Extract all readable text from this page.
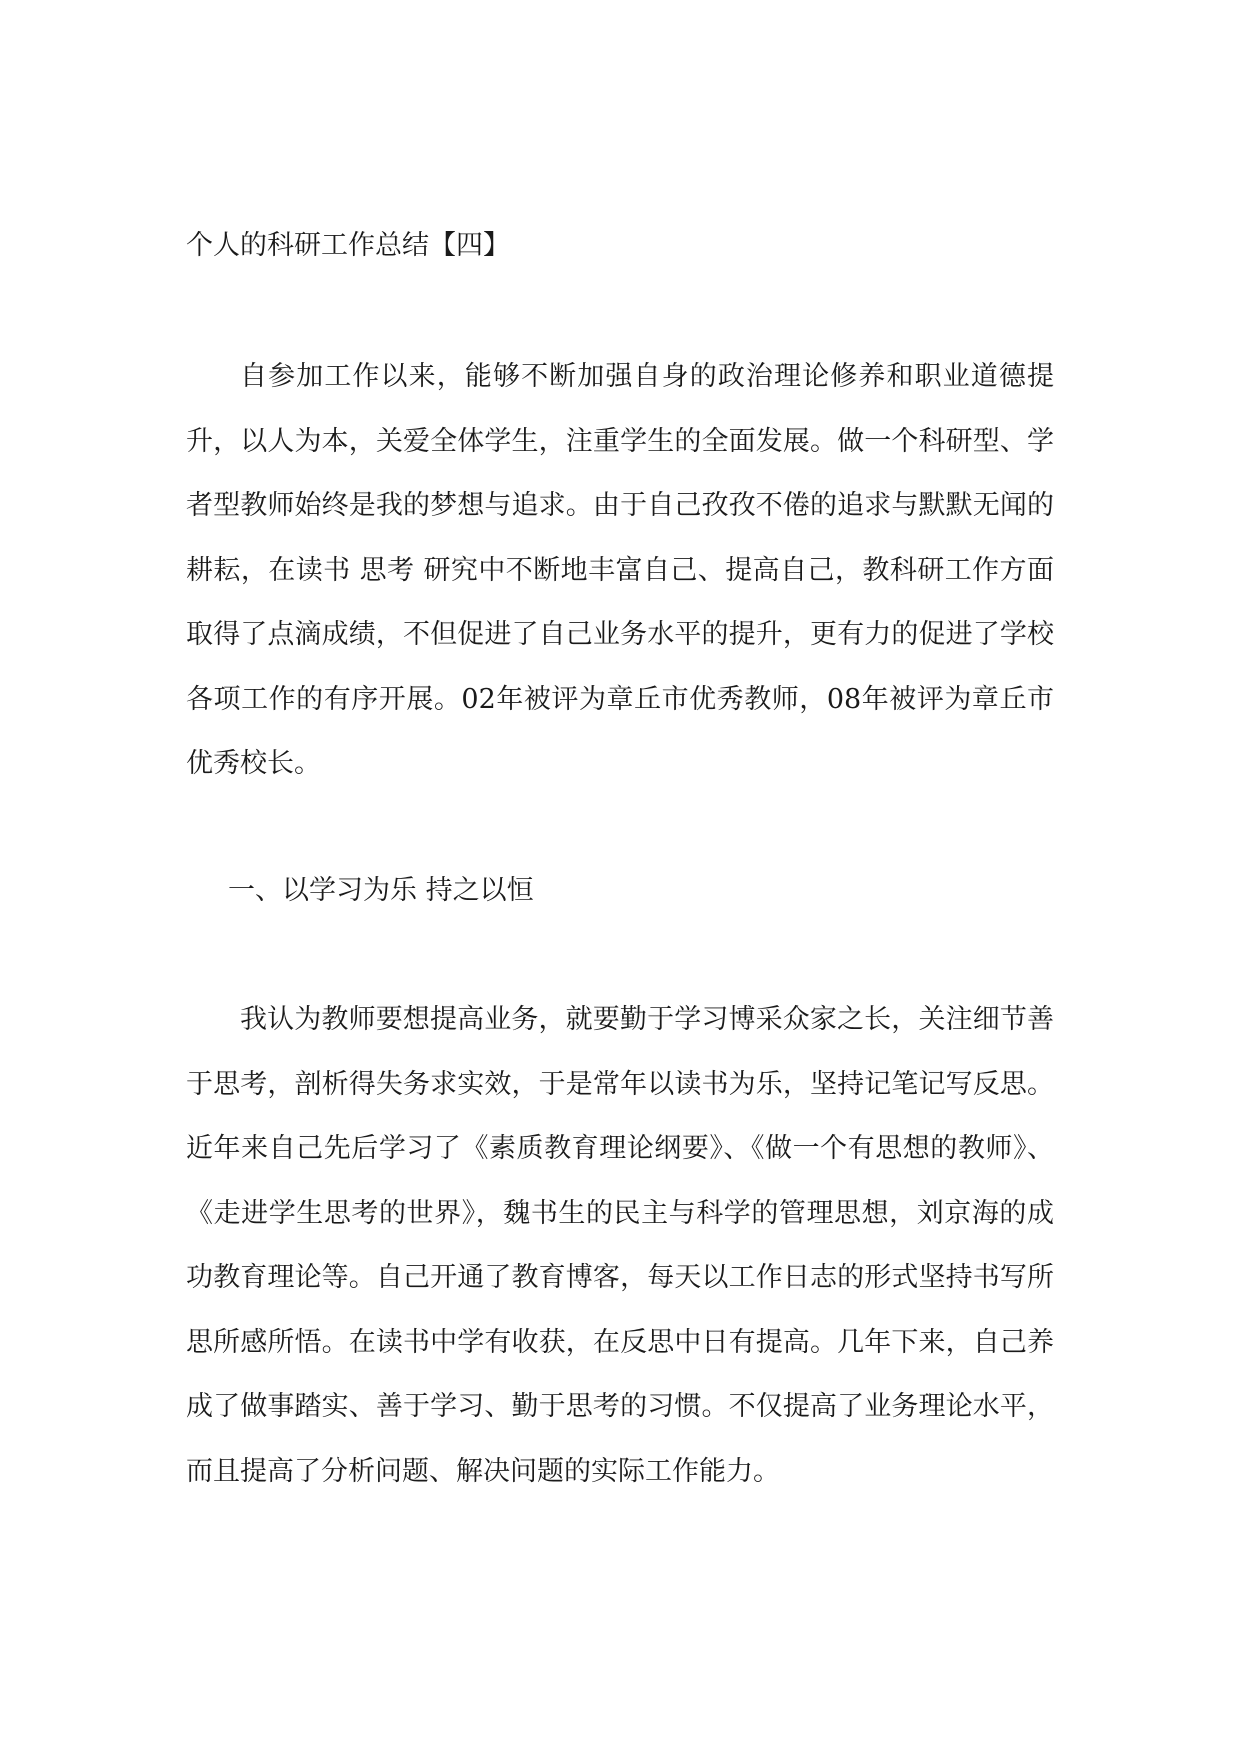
个人的科研工作总结【四】

自参加工作以来，能够不断加强自身的政治理论修养和职业道德提升，以人为本，关爱全体学生，注重学生的全面发展。做一个科研型、学者型教师始终是我的梦想与追求。由于自己孜孜不倦的追求与默默无闻的耕耘，在读书 思考 研究中不断地丰富自己、提高自己，教科研工作方面取得了点滴成绩，不但促进了自己业务水平的提升，更有力的促进了学校各项工作的有序开展。02年被评为章丘市优秀教师，08年被评为章丘市优秀校长。

一、以学习为乐 持之以恒

我认为教师要想提高业务，就要勤于学习博采众家之长，关注细节善于思考，剖析得失务求实效，于是常年以读书为乐，坚持记笔记写反思。近年来自己先后学习了《素质教育理论纲要》、《做一个有思想的教师》、《走进学生思考的世界》，魏书生的民主与科学的管理思想，刘京海的成功教育理论等。自己开通了教育博客，每天以工作日志的形式坚持书写所思所感所悟。在读书中学有收获，在反思中日有提高。几年下来，自己养成了做事踏实、善于学习、勤于思考的习惯。不仅提高了业务理论水平，而且提高了分析问题、解决问题的实际工作能力。
